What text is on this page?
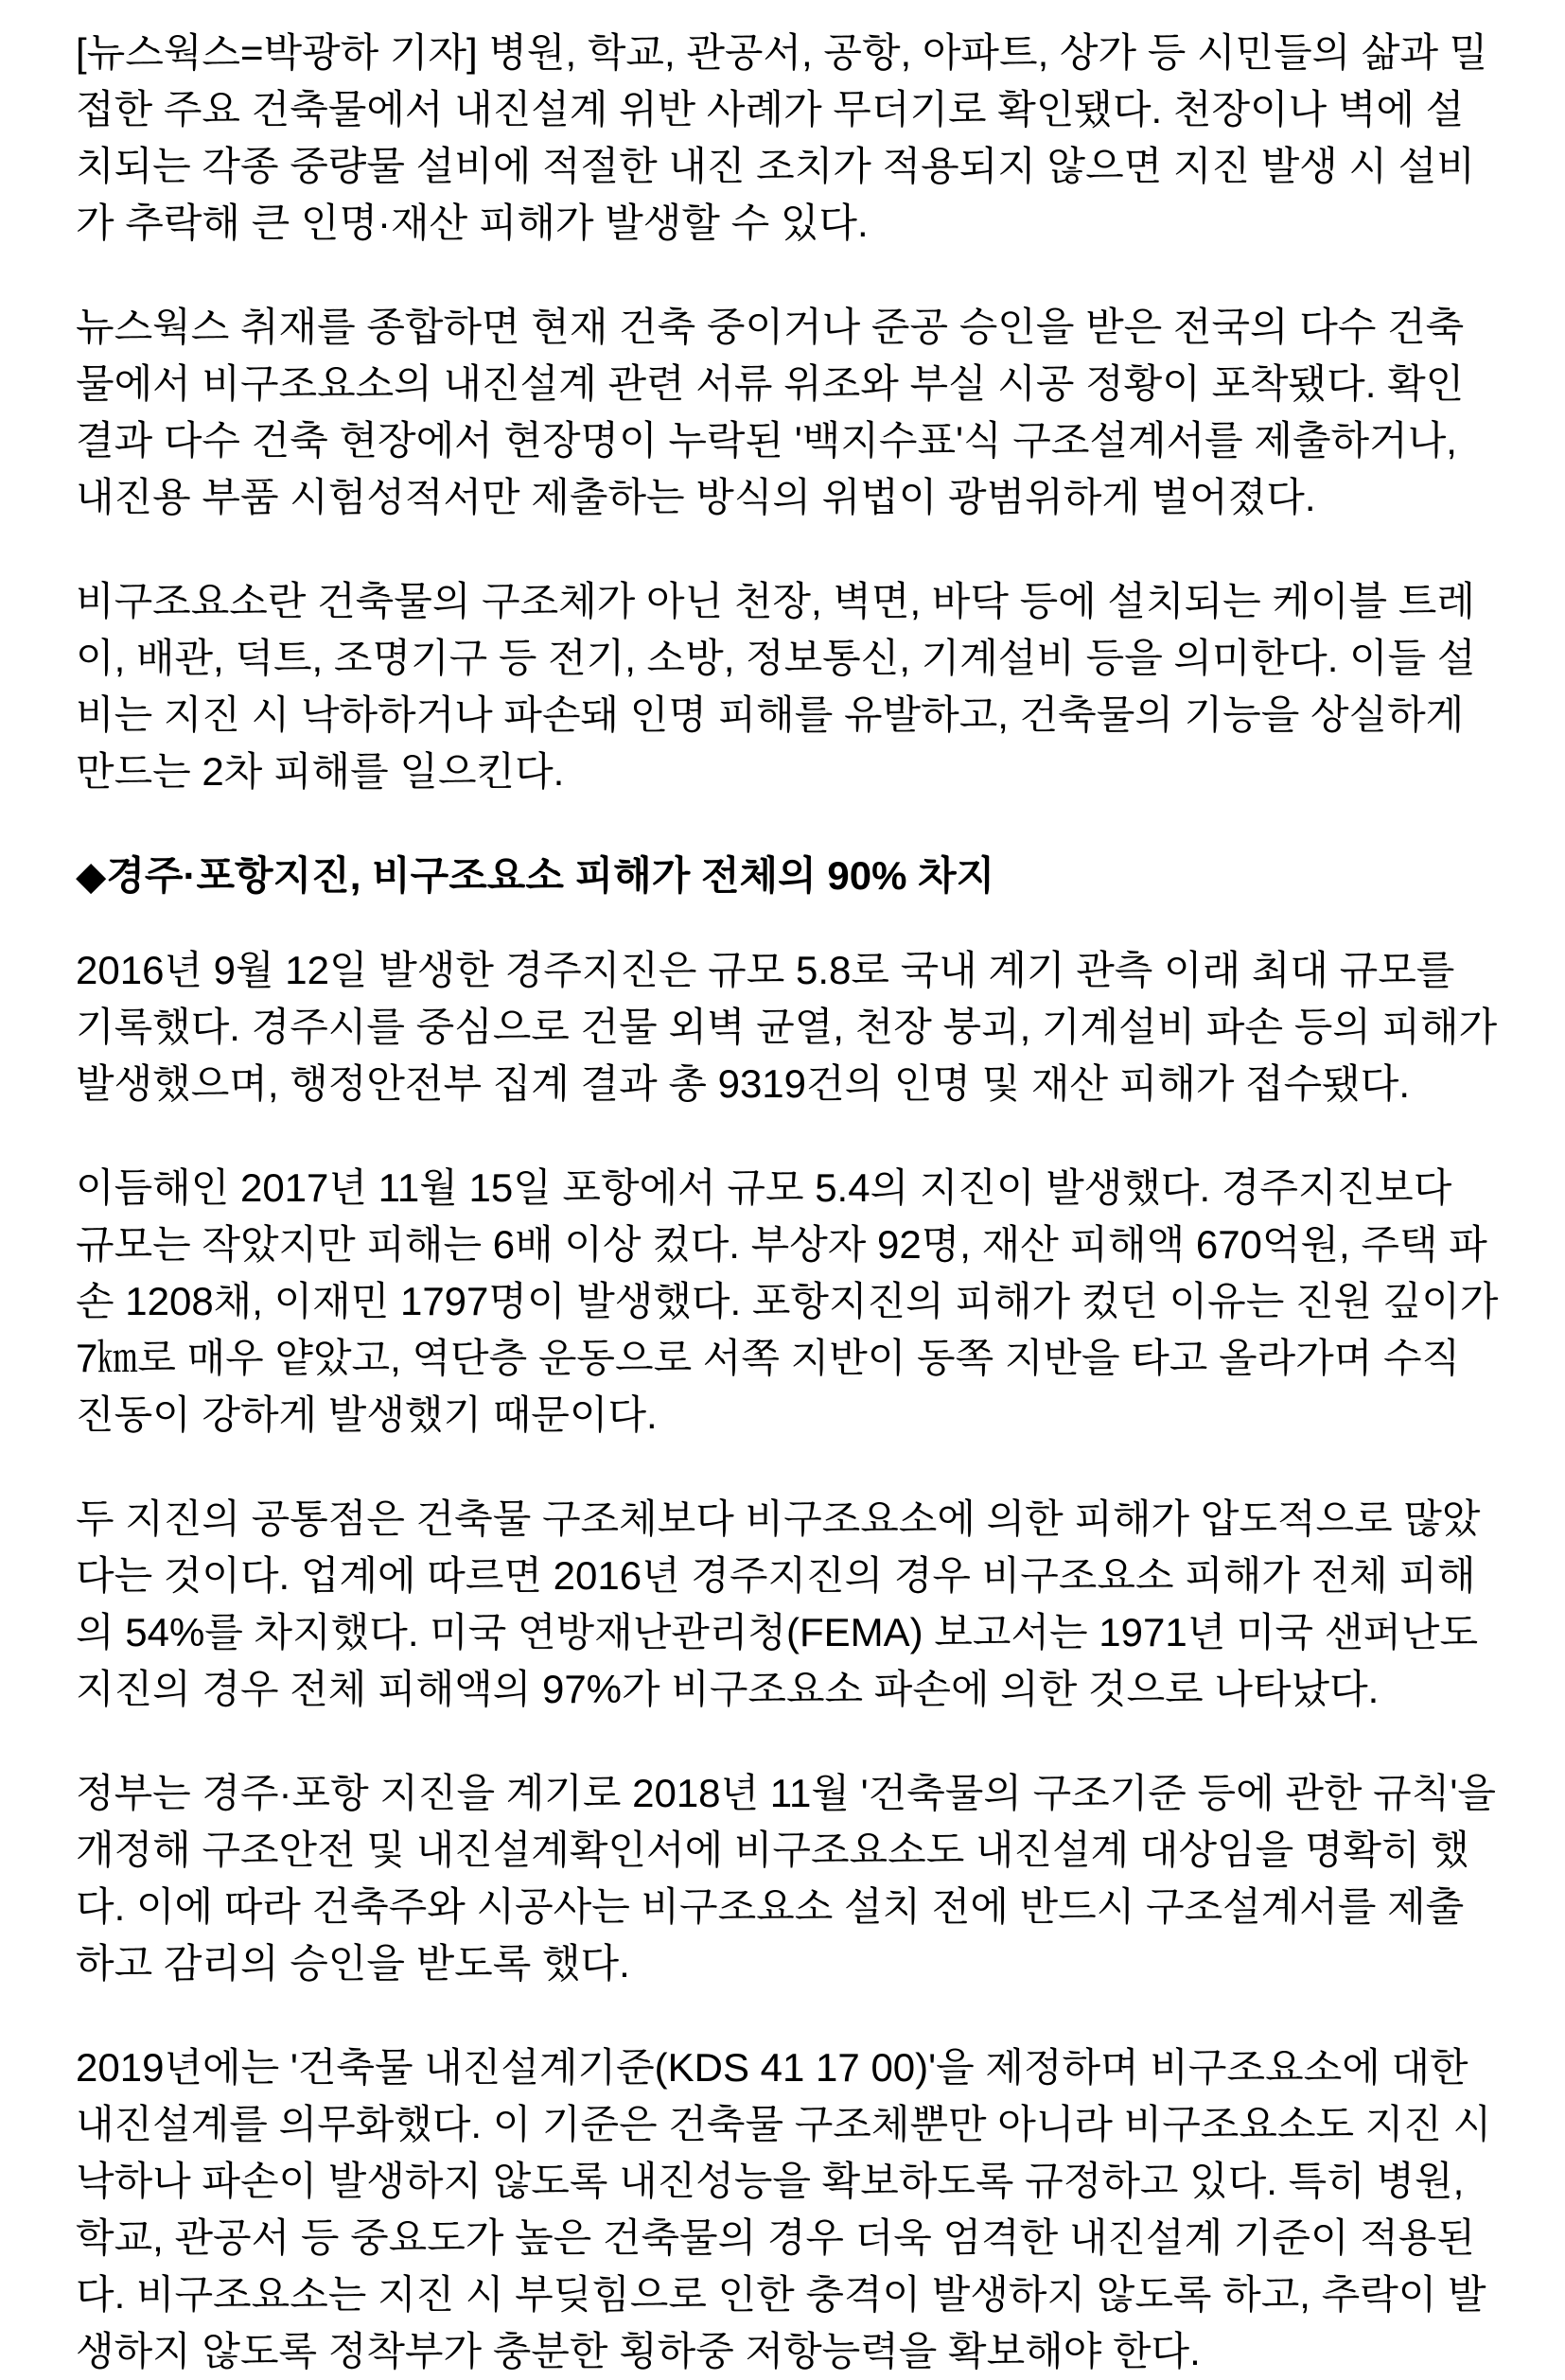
[뉴스웍스=박광하 기자] 병원, 학교, 관공서, 공항, 아파트, 상가 등 시민들의 삶과 밀접한 주요 건축물에서 내진설계 위반 사례가 무더기로 확인됐다. 천장이나 벽에 설치되는 각종 중량물 설비에 적절한 내진 조치가 적용되지 않으면 지진 발생 시 설비가 추락해 큰 인명·재산 피해가 발생할 수 있다.

뉴스웍스 취재를 종합하면 현재 건축 중이거나 준공 승인을 받은 전국의 다수 건축물에서 비구조요소의 내진설계 관련 서류 위조와 부실 시공 정황이 포착됐다. 확인 결과 다수 건축 현장에서 현장명이 누락된 '백지수표'식 구조설계서를 제출하거나, 내진용 부품 시험성적서만 제출하는 방식의 위법이 광범위하게 벌어졌다.

비구조요소란 건축물의 구조체가 아닌 천장, 벽면, 바닥 등에 설치되는 케이블 트레이, 배관, 덕트, 조명기구 등 전기, 소방, 정보통신, 기계설비 등을 의미한다. 이들 설비는 지진 시 낙하하거나 파손돼 인명 피해를 유발하고, 건축물의 기능을 상실하게 만드는 2차 피해를 일으킨다.

◆경주·포항지진, 비구조요소 피해가 전체의 90% 차지

2016년 9월 12일 발생한 경주지진은 규모 5.8로 국내 계기 관측 이래 최대 규모를 기록했다. 경주시를 중심으로 건물 외벽 균열, 천장 붕괴, 기계설비 파손 등의 피해가 발생했으며, 행정안전부 집계 결과 총 9319건의 인명 및 재산 피해가 접수됐다.

이듬해인 2017년 11월 15일 포항에서 규모 5.4의 지진이 발생했다. 경주지진보다 규모는 작았지만 피해는 6배 이상 컸다. 부상자 92명, 재산 피해액 670억원, 주택 파손 1208채, 이재민 1797명이 발생했다. 포항지진의 피해가 컸던 이유는 진원 깊이가 7㎞로 매우 얕았고, 역단층 운동으로 서쪽 지반이 동쪽 지반을 타고 올라가며 수직 진동이 강하게 발생했기 때문이다.

두 지진의 공통점은 건축물 구조체보다 비구조요소에 의한 피해가 압도적으로 많았다는 것이다. 업계에 따르면 2016년 경주지진의 경우 비구조요소 피해가 전체 피해의 54%를 차지했다. 미국 연방재난관리청(FEMA) 보고서는 1971년 미국 샌퍼난도 지진의 경우 전체 피해액의 97%가 비구조요소 파손에 의한 것으로 나타났다.

정부는 경주·포항 지진을 계기로 2018년 11월 '건축물의 구조기준 등에 관한 규칙'을 개정해 구조안전 및 내진설계확인서에 비구조요소도 내진설계 대상임을 명확히 했다. 이에 따라 건축주와 시공사는 비구조요소 설치 전에 반드시 구조설계서를 제출하고 감리의 승인을 받도록 했다.

2019년에는 '건축물 내진설계기준(KDS 41 17 00)'을 제정하며 비구조요소에 대한 내진설계를 의무화했다. 이 기준은 건축물 구조체뿐만 아니라 비구조요소도 지진 시 낙하나 파손이 발생하지 않도록 내진성능을 확보하도록 규정하고 있다. 특히 병원, 학교, 관공서 등 중요도가 높은 건축물의 경우 더욱 엄격한 내진설계 기준이 적용된다. 비구조요소는 지진 시 부딪힘으로 인한 충격이 발생하지 않도록 하고, 추락이 발생하지 않도록 정착부가 충분한 횡하중 저항능력을 확보해야 한다.
